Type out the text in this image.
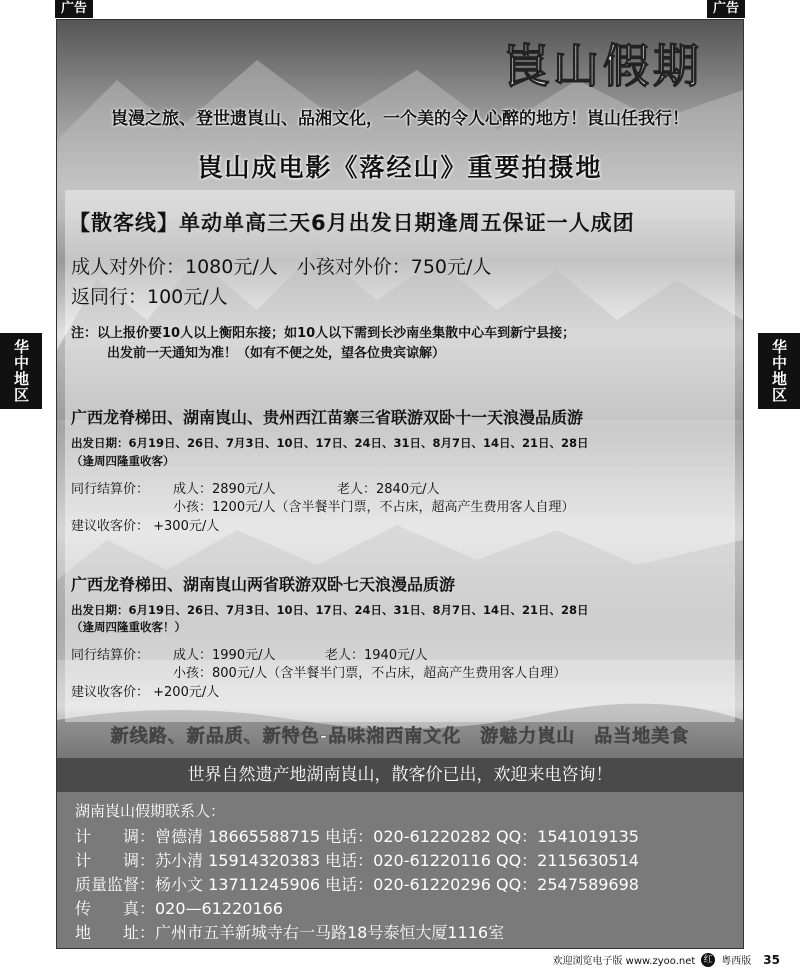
广告	广告
华中地区	华中地区
崀山假期
崀漫之旅、登世遗崀山、品湘文化，一个美的令人心醉的地方！崀山任我行！
崀山成电影《落经山》重要拍摄地
【散客线】单动单高三天6月出发日期逢周五保证一人成团
成人对外价：1080元/人　小孩对外价：750元/人
返同行：100元/人
注：以上报价要10人以上衡阳东接；如10人以下需到长沙南坐集散中心车到新宁县接；
出发前一天通知为准！（如有不便之处，望各位贵宾谅解）
广西龙脊梯田、湖南崀山、贵州西江苗寨三省联游双卧十一天浪漫品质游
出发日期：6月19日、26日、7月3日、10日、17日、24日、31日、8月7日、14日、21日、28日
（逢周四隆重收客）
同行结算价： 成人：2890元/人	老人：2840元/人
小孩：1200元/人（含半餐半门票，不占床，超高产生费用客人自理）
建议收客价： +300元/人
广西龙脊梯田、湖南崀山两省联游双卧七天浪漫品质游
出发日期：6月19日、26日、7月3日、10日、17日、24日、31日、8月7日、14日、21日、28日
（逢周四隆重收客！）
同行结算价： 成人：1990元/人	老人：1940元/人
小孩：800元/人（含半餐半门票，不占床，超高产生费用客人自理）
建议收客价： +200元/人
新线路、新品质、新特色-品味湘西南文化　游魅力崀山　品当地美食
世界自然遗产地湖南崀山，散客价已出，欢迎来电咨询！
湖南崀山假期联系人：
计　　调：曾德清 18665588715 电话：020-61220282 QQ：1541019135
计　　调：苏小清 15914320383 电话：020-61220116 QQ：2115630514
质量监督：杨小文 13711245906 电话：020-61220296 QQ：2547589698
传　　真：020—61220166
地　　址：广州市五羊新城寺右一马路18号泰恒大厦1116室
欢迎浏览电子版 www.zyoo.net 红 粤西版 35
